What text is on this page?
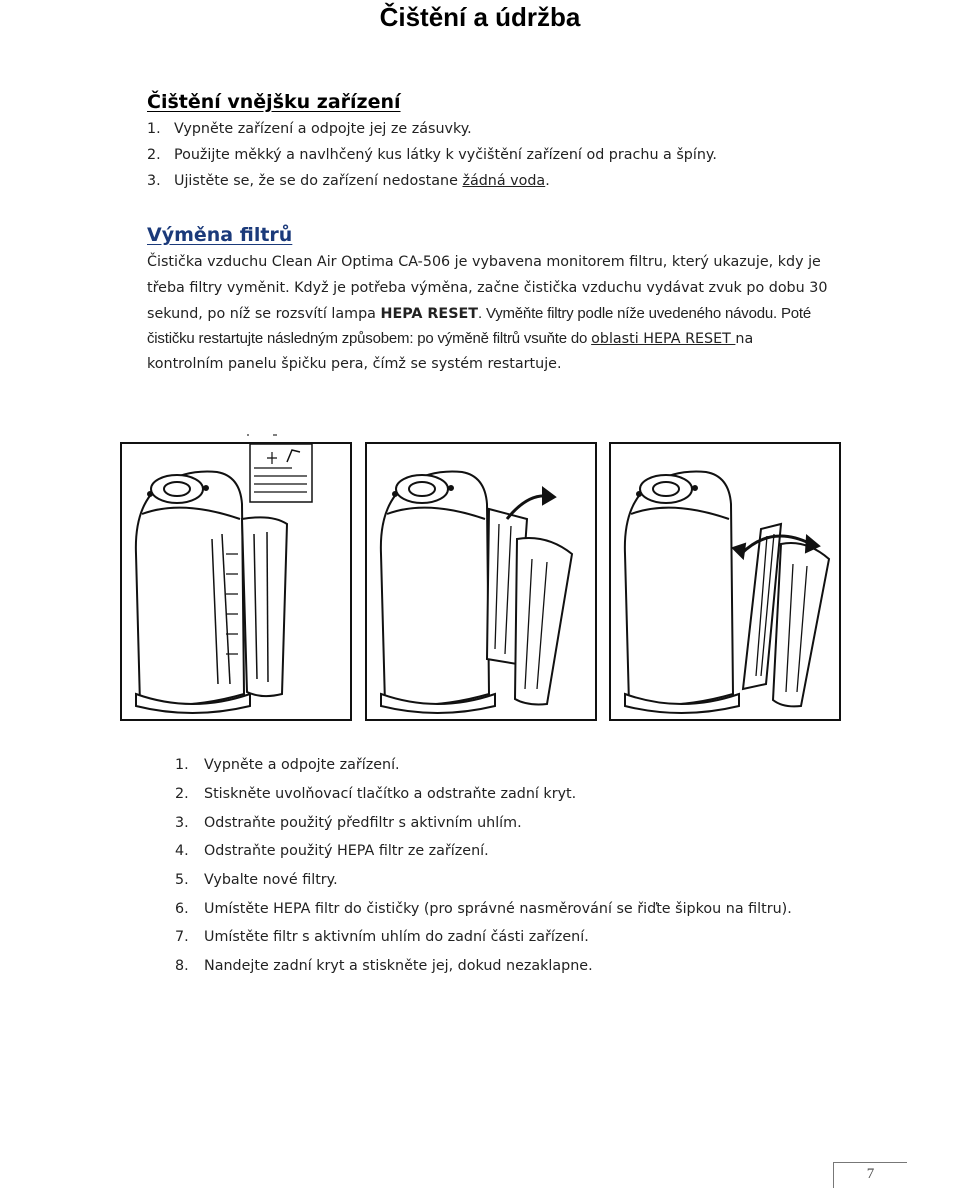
Čištění a údržba
Čištění vnějšku zařízení
1. Vypněte zařízení a odpojte jej ze zásuvky.
2. Použijte měkký a navlhčený kus látky k vyčištění zařízení od prachu a špíny.
3. Ujistěte se, že se do zařízení nedostane žádná voda.
Výměna filtrů
Čistička vzduchu Clean Air Optima CA-506 je vybavena monitorem filtru, který ukazuje, kdy je
třeba filtry vyměnit. Když je potřeba výměna, začne čistička vzduchu vydávat zvuk po dobu 30
sekund, po níž se rozsvítí lampa HEPA RESET. Vyměňte filtry podle níže uvedeného návodu. Poté
čističku restartujte následným způsobem: po výměně filtrů vsuňte do oblasti HEPA RESET na
kontrolním panelu špičku pera, čímž se systém restartuje.
1. Vypněte a odpojte zařízení.
2. Stiskněte uvolňovací tlačítko a odstraňte zadní kryt.
3. Odstraňte použitý předfiltr s aktivním uhlím.
4. Odstraňte použitý HEPA filtr ze zařízení.
5. Vybalte nové filtry.
6. Umístěte HEPA filtr do čističky (pro správné nasměrování se řiďte šipkou na filtru).
7. Umístěte filtr s aktivním uhlím do zadní části zařízení.
8. Nandejte zadní kryt a stiskněte jej, dokud nezaklapne.
7
